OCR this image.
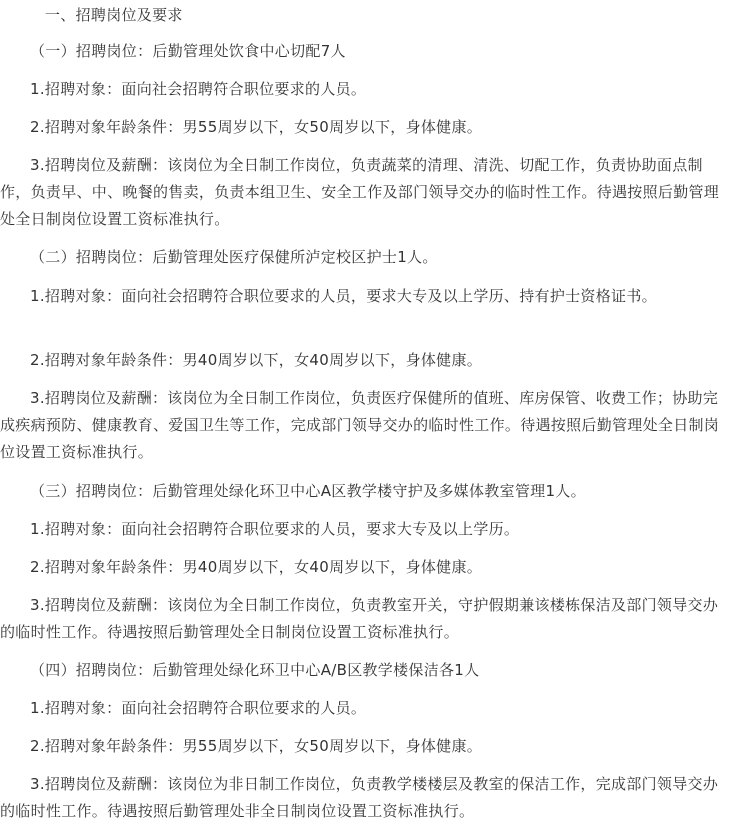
一、招聘岗位及要求

（一）招聘岗位：后勤管理处饮食中心切配7人

1.招聘对象：面向社会招聘符合职位要求的人员。

2.招聘对象年龄条件：男55周岁以下，女50周岁以下，身体健康。

3.招聘岗位及薪酬：该岗位为全日制工作岗位，负责蔬菜的清理、清洗、切配工作，负责协助面点制作，负责早、中、晚餐的售卖，负责本组卫生、安全工作及部门领导交办的临时性工作。待遇按照后勤管理处全日制岗位设置工资标准执行。

（二）招聘岗位：后勤管理处医疗保健所泸定校区护士1人。

1.招聘对象：面向社会招聘符合职位要求的人员，要求大专及以上学历、持有护士资格证书。

2.招聘对象年龄条件：男40周岁以下，女40周岁以下，身体健康。

3.招聘岗位及薪酬：该岗位为全日制工作岗位，负责医疗保健所的值班、库房保管、收费工作；协助完成疾病预防、健康教育、爱国卫生等工作，完成部门领导交办的临时性工作。待遇按照后勤管理处全日制岗位设置工资标准执行。

（三）招聘岗位：后勤管理处绿化环卫中心A区教学楼守护及多媒体教室管理1人。

1.招聘对象：面向社会招聘符合职位要求的人员，要求大专及以上学历。

2.招聘对象年龄条件：男40周岁以下，女40周岁以下，身体健康。

3.招聘岗位及薪酬：该岗位为全日制工作岗位，负责教室开关，守护假期兼该楼栋保洁及部门领导交办的临时性工作。待遇按照后勤管理处全日制岗位设置工资标准执行。

（四）招聘岗位：后勤管理处绿化环卫中心A/B区教学楼保洁各1人

1.招聘对象：面向社会招聘符合职位要求的人员。

2.招聘对象年龄条件：男55周岁以下，女50周岁以下，身体健康。

3.招聘岗位及薪酬：该岗位为非日制工作岗位，负责教学楼楼层及教室的保洁工作，完成部门领导交办的临时性工作。待遇按照后勤管理处非全日制岗位设置工资标准执行。
